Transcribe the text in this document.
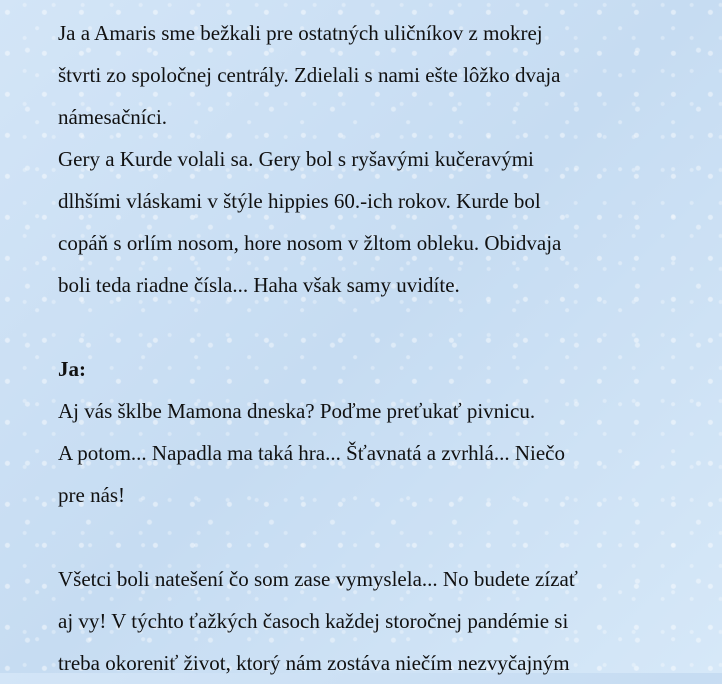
Ja a Amaris sme bežkali pre ostatných uličníkov z mokrej
štvrti zo spoločnej centrály. Zdielali s nami ešte lôžko dvaja
námesačníci.
Gery a Kurde volali sa. Gery bol s ryšavými kučeravými
dlhšími vláskami v štýle hippies 60.-ich rokov. Kurde bol
copáň s orlím nosom, hore nosom v žltom obleku. Obidvaja
boli teda riadne čísla... Haha však samy uvidíte.
Ja:
Aj vás šklbe Mamona dneska? Poďme preťukať pivnicu.
A potom... Napadla ma taká hra... Šťavnatá a zvrhlá... Niečo
pre nás!
Všetci boli natešení čo som zase vymyslela... No budete zízať
aj vy! V týchto ťažkých časoch každej storočnej pandémie si
treba okoreniť život, ktorý nám zostáva niečím nezvyčajným
